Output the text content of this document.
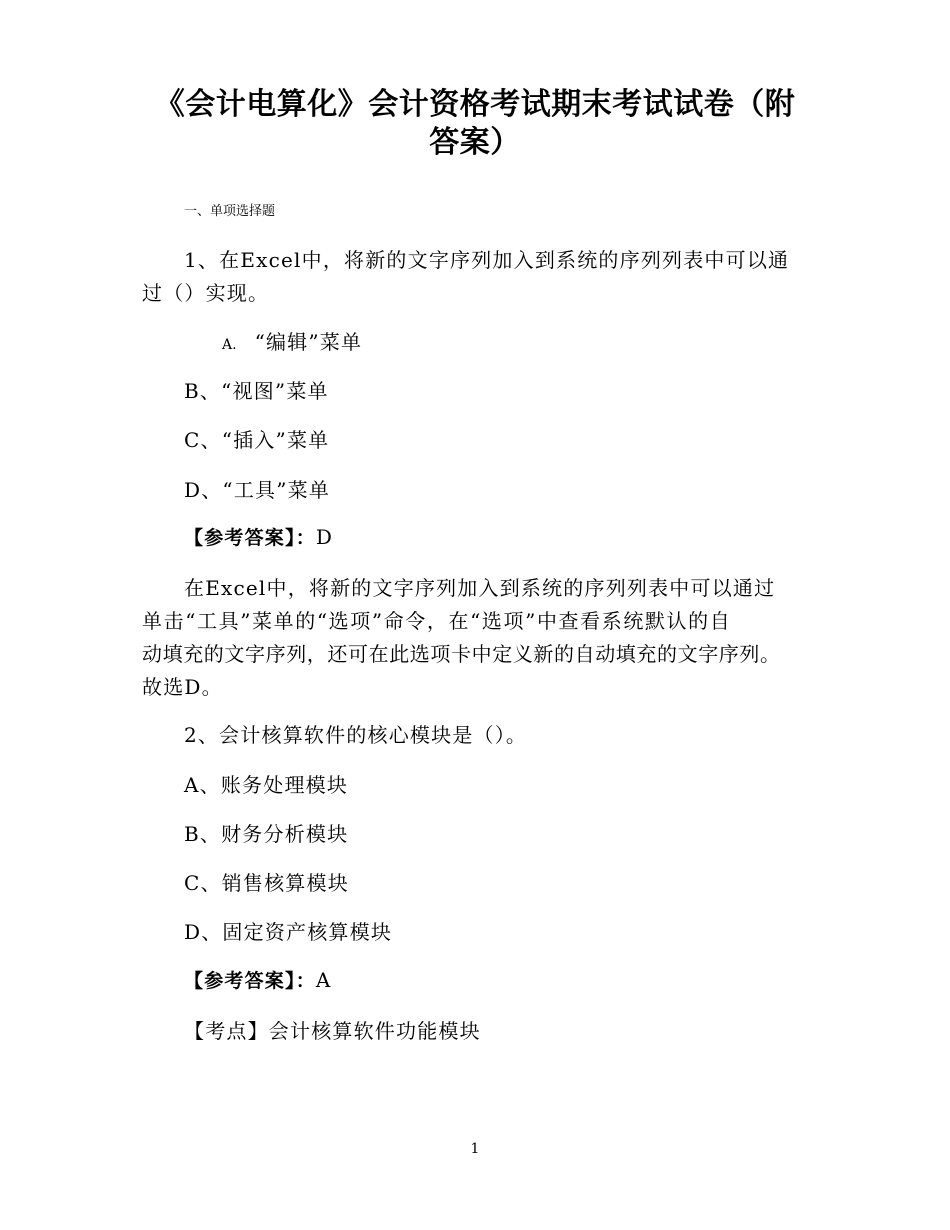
《会计电算化》会计资格考试期末考试试卷（附
答案）
一、单项选择题
1、在Excel中，将新的文字序列加入到系统的序列列表中可以通
过（）实现。
A. “编辑”菜单
B、“视图”菜单
C、“插入”菜单
D、“工具”菜单
【参考答案】：D
在Excel中，将新的文字序列加入到系统的序列列表中可以通过
单击“工具”菜单的“选项”命令，在“选项”中查看系统默认的自
动填充的文字序列，还可在此选项卡中定义新的自动填充的文字序列。
故选D。
2、会计核算软件的核心模块是（）。
A、账务处理模块
B、财务分析模块
C、销售核算模块
D、固定资产核算模块
【参考答案】：A
【考点】会计核算软件功能模块
1
